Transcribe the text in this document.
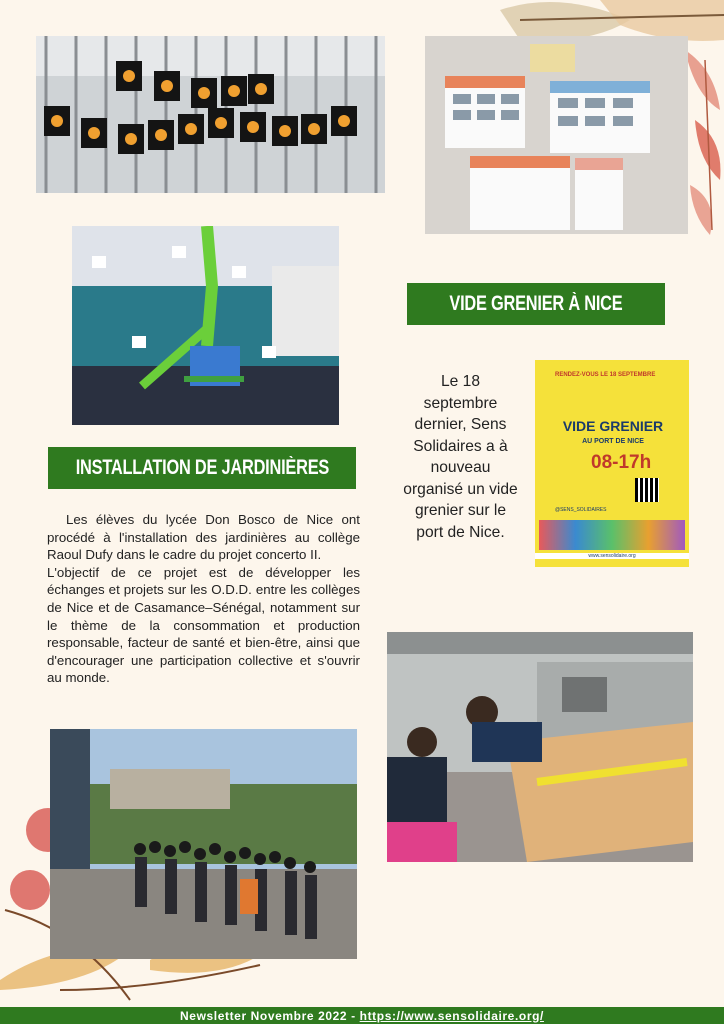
VIDE GRENIER À NICE
INSTALLATION DE JARDINIÈRES
Le 18 septembre dernier, Sens Solidaires a à nouveau organisé un vide grenier sur le port de Nice.
RENDEZ-VOUS LE 18 SEPTEMBRE
VIDE GRENIER
AU PORT DE NICE
08-17h
@SENS_SOLIDAIRES
www.sensolidaire.org

Les élèves du lycée Don Bosco de Nice ont procédé à l'installation des jardinières au collège Raoul Dufy dans le cadre du projet concerto II.

L'objectif de ce projet est de développer les échanges et projets sur les O.D.D. entre les collèges de Nice et de Casamance–Sénégal, notamment sur le thème de la consommation et production responsable, facteur de santé et bien-être, ainsi que d'encourager une participation collective et s'ouvrir au monde.

Newsletter Novembre 2022 - https://www.sensolidaire.org/
